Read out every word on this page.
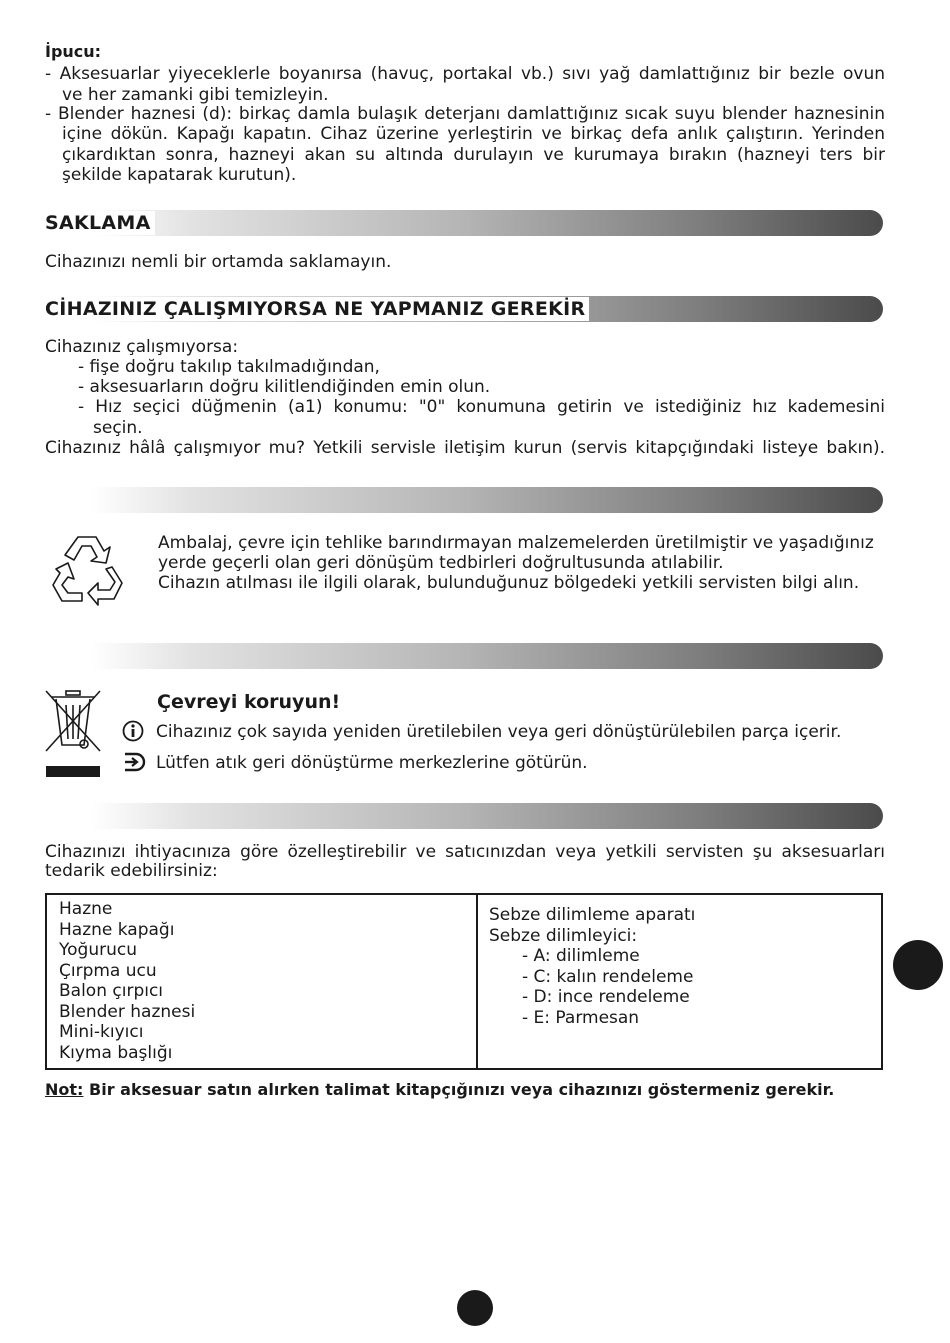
İpucu:
- Aksesuarlar yiyeceklerle boyanırsa (havuç, portakal vb.) sıvı yağ damlattığınız bir bezle ovun
ve her zamanki gibi temizleyin.
- Blender haznesi (d): birkaç damla bulaşık deterjanı damlattığınız sıcak suyu blender haznesinin
içine dökün. Kapağı kapatın. Cihaz üzerine yerleştirin ve birkaç defa anlık çalıştırın. Yerinden
çıkardıktan sonra, hazneyi akan su altında durulayın ve kurumaya bırakın (hazneyi ters bir
şekilde kapatarak kurutun).
SAKLAMA
Cihazınızı nemli bir ortamda saklamayın.
CİHAZINIZ ÇALIŞMIYORSA NE YAPMANIZ GEREKİR
Cihazınız çalışmıyorsa:
- fişe doğru takılıp takılmadığından,
- aksesuarların doğru kilitlendiğinden emin olun.
- Hız seçici düğmenin (a1) konumu: "0" konumuna getirin ve istediğiniz hız kademesini
seçin.
Cihazınız hâlâ çalışmıyor mu? Yetkili servisle iletişim kurun (servis kitapçığındaki listeye bakın).
Ambalaj, çevre için tehlike barındırmayan malzemelerden üretilmiştir ve yaşadığınız
yerde geçerli olan geri dönüşüm tedbirleri doğrultusunda atılabilir.
Cihazın atılması ile ilgili olarak, bulunduğunuz bölgedeki yetkili servisten bilgi alın.
Çevreyi koruyun!
Cihazınız çok sayıda yeniden üretilebilen veya geri dönüştürülebilen parça içerir.
Lütfen atık geri dönüştürme merkezlerine götürün.
Cihazınızı ihtiyacınıza göre özelleştirebilir ve satıcınızdan veya yetkili servisten şu aksesuarları
tedarik edebilirsiniz:
Hazne
Hazne kapağı
Yoğurucu
Çırpma ucu
Balon çırpıcı
Blender haznesi
Mini-kıyıcı
Kıyma başlığı

Sebze dilimleme aparatı
Sebze dilimleyici:
- A: dilimleme
- C: kalın rendeleme
- D: ince rendeleme
- E: Parmesan
Not: Bir aksesuar satın alırken talimat kitapçığınızı veya cihazınızı göstermeniz gerekir.
